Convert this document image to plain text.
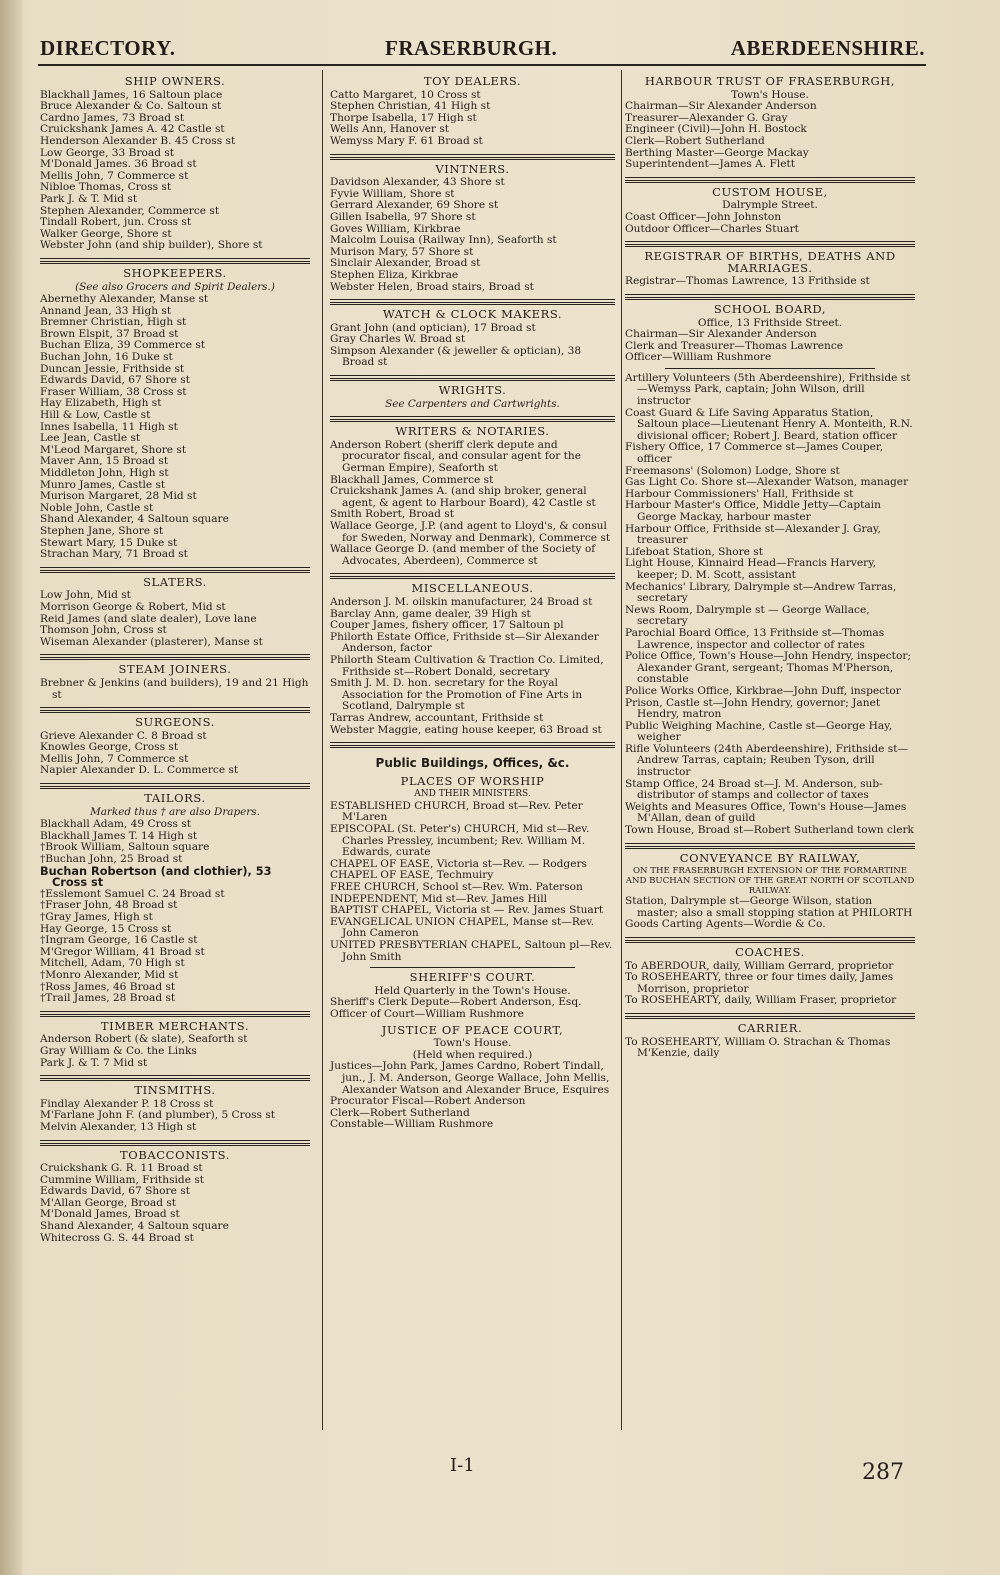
DIRECTORY.	FRASERBURGH.	ABERDEENSHIRE.
SHIP OWNERS.
Blackhall James, 16 Saltoun place
Bruce Alexander & Co. Saltoun st
Cardno James, 73 Broad st
Cruickshank James A. 42 Castle st
Henderson Alexander B. 45 Cross st
Low George, 33 Broad st
M'Donald James. 36 Broad st
Mellis John, 7 Commerce st
Nibloe Thomas, Cross st
Park J. & T. Mid st
Stephen Alexander, Commerce st
Tindall Robert, jun. Cross st
Walker George, Shore st
Webster John (and ship builder), Shore st
SHOPKEEPERS.
(See also Grocers and Spirit Dealers.)
Abernethy Alexander, Manse st
Annand Jean, 33 High st
Bremner Christian, High st
Brown Elspit, 37 Broad st
Buchan Eliza, 39 Commerce st
Buchan John, 16 Duke st
Duncan Jessie, Frithside st
Edwards David, 67 Shore st
Fraser William, 38 Cross st
Hay Elizabeth, High st
Hill & Low, Castle st
Innes Isabella, 11 High st
Lee Jean, Castle st
M'Leod Margaret, Shore st
Maver Ann, 15 Broad st
Middleton John, High st
Munro James, Castle st
Murison Margaret, 28 Mid st
Noble John, Castle st
Shand Alexander, 4 Saltoun square
Stephen Jane, Shore st
Stewart Mary, 15 Duke st
Strachan Mary, 71 Broad st
SLATERS.
Low John, Mid st
Morrison George & Robert, Mid st
Reid James (and slate dealer), Love lane
Thomson John, Cross st
Wiseman Alexander (plasterer), Manse st
STEAM JOINERS.
Brebner & Jenkins (and builders), 19 and 21 High st
SURGEONS.
Grieve Alexander C. 8 Broad st
Knowles George, Cross st
Mellis John, 7 Commerce st
Napier Alexander D. L. Commerce st
TAILORS.
Marked thus † are also Drapers.
Blackhall Adam, 49 Cross st
Blackhall James T. 14 High st
†Brook William, Saltoun square
†Buchan John, 25 Broad st
Buchan Robertson (and clothier), 53 Cross st
†Esslemont Samuel C. 24 Broad st
†Fraser John, 48 Broad st
†Gray James, High st
Hay George, 15 Cross st
†Ingram George, 16 Castle st
M'Gregor William, 41 Broad st
Mitchell, Adam, 70 High st
†Monro Alexander, Mid st
†Ross James, 46 Broad st
†Trail James, 28 Broad st
TIMBER MERCHANTS.
Anderson Robert (& slate), Seaforth st
Gray William & Co. the Links
Park J. & T. 7 Mid st
TINSMITHS.
Findlay Alexander P. 18 Cross st
M'Farlane John F. (and plumber), 5 Cross st
Melvin Alexander, 13 High st
TOBACCONISTS.
Cruickshank G. R. 11 Broad st
Cummine William, Frithside st
Edwards David, 67 Shore st
M'Allan George, Broad st
M'Donald James, Broad st
Shand Alexander, 4 Saltoun square
Whitecross G. S. 44 Broad st
TOY DEALERS.
Catto Margaret, 10 Cross st
Stephen Christian, 41 High st
Thorpe Isabella, 17 High st
Wells Ann, Hanover st
Wemyss Mary F. 61 Broad st
VINTNERS.
Davidson Alexander, 43 Shore st
Fyvie William, Shore st
Gerrard Alexander, 69 Shore st
Gillen Isabella, 97 Shore st
Goves William, Kirkbrae
Malcolm Louisa (Railway Inn), Seaforth st
Murison Mary, 57 Shore st
Sinclair Alexander, Broad st
Stephen Eliza, Kirkbrae
Webster Helen, Broad stairs, Broad st
WATCH & CLOCK MAKERS.
Grant John (and optician), 17 Broad st
Gray Charles W. Broad st
Simpson Alexander (& jeweller & optician), 38 Broad st
WRIGHTS.
See Carpenters and Cartwrights.
WRITERS & NOTARIES.
Anderson Robert (sheriff clerk depute and procurator fiscal, and consular agent for the German Empire), Seaforth st
Blackhall James, Commerce st
Cruickshank James A. (and ship broker, general agent, & agent to Harbour Board), 42 Castle st
Smith Robert, Broad st
Wallace George, J.P. (and agent to Lloyd's, & consul for Sweden, Norway and Denmark), Commerce st
Wallace George D. (and member of the Society of Advocates, Aberdeen), Commerce st
MISCELLANEOUS.
Anderson J. M. oilskin manufacturer, 24 Broad st
Barclay Ann, game dealer, 39 High st
Couper James, fishery officer, 17 Saltoun pl
Philorth Estate Office, Frithside st—Sir Alexander Anderson, factor
Philorth Steam Cultivation & Traction Co. Limited, Frithside st—Robert Donald, secretary
Smith J. M. D. hon. secretary for the Royal Association for the Promotion of Fine Arts in Scotland, Dalrymple st
Tarras Andrew, accountant, Frithside st
Webster Maggie, eating house keeper, 63 Broad st
Public Buildings, Offices, &c.
PLACES OF WORSHIP
AND THEIR MINISTERS.
ESTABLISHED CHURCH, Broad st—Rev. Peter M'Laren
EPISCOPAL (St. Peter's) CHURCH, Mid st—Rev. Charles Pressley, incumbent; Rev. William M. Edwards, curate
CHAPEL OF EASE, Victoria st—Rev. — Rodgers
CHAPEL OF EASE, Techmuiry
FREE CHURCH, School st—Rev. Wm. Paterson
INDEPENDENT, Mid st—Rev. James Hill
BAPTIST CHAPEL, Victoria st — Rev. James Stuart
EVANGELICAL UNION CHAPEL, Manse st—Rev. John Cameron
UNITED PRESBYTERIAN CHAPEL, Saltoun pl—Rev. John Smith
SHERIFF'S COURT.
Held Quarterly in the Town's House.
Sheriff's Clerk Depute—Robert Anderson, Esq.
Officer of Court—William Rushmore
JUSTICE OF PEACE COURT,
Town's House.
(Held when required.)
Justices—John Park, James Cardno, Robert Tindall, jun., J. M. Anderson, George Wallace, John Mellis, Alexander Watson and Alexander Bruce, Esquires
Procurator Fiscal—Robert Anderson
Clerk—Robert Sutherland
Constable—William Rushmore
HARBOUR TRUST OF FRASERBURGH,
Town's House.
Chairman—Sir Alexander Anderson
Treasurer—Alexander G. Gray
Engineer (Civil)—John H. Bostock
Clerk—Robert Sutherland
Berthing Master—George Mackay
Superintendent—James A. Flett
CUSTOM HOUSE,
Dalrymple Street.
Coast Officer—John Johnston
Outdoor Officer—Charles Stuart
REGISTRAR OF BIRTHS, DEATHS AND MARRIAGES.
Registrar—Thomas Lawrence, 13 Frithside st
SCHOOL BOARD,
Office, 13 Frithside Street.
Chairman—Sir Alexander Anderson
Clerk and Treasurer—Thomas Lawrence
Officer—William Rushmore
Artillery Volunteers (5th Aberdeenshire), Frithside st—Wemyss Park, captain; John Wilson, drill instructor
Coast Guard & Life Saving Apparatus Station, Saltoun place—Lieutenant Henry A. Monteith, R.N. divisional officer; Robert J. Beard, station officer
Fishery Office, 17 Commerce st—James Couper, officer
Freemasons' (Solomon) Lodge, Shore st
Gas Light Co. Shore st—Alexander Watson, manager
Harbour Commissioners' Hall, Frithside st
Harbour Master's Office, Middle Jetty—Captain George Mackay, harbour master
Harbour Office, Frithside st—Alexander J. Gray, treasurer
Lifeboat Station, Shore st
Light House, Kinnaird Head—Francis Harvery, keeper; D. M. Scott, assistant
Mechanics' Library, Dalrymple st—Andrew Tarras, secretary
News Room, Dalrymple st — George Wallace, secretary
Parochial Board Office, 13 Frithside st—Thomas Lawrence, inspector and collector of rates
Police Office, Town's House—John Hendry, inspector; Alexander Grant, sergeant; Thomas M'Pherson, constable
Police Works Office, Kirkbrae—John Duff, inspector
Prison, Castle st—John Hendry, governor; Janet Hendry, matron
Public Weighing Machine, Castle st—George Hay, weigher
Rifle Volunteers (24th Aberdeenshire), Frithside st—Andrew Tarras, captain; Reuben Tyson, drill instructor
Stamp Office, 24 Broad st—J. M. Anderson, sub-distributor of stamps and collector of taxes
Weights and Measures Office, Town's House—James M'Allan, dean of guild
Town House, Broad st—Robert Sutherland town clerk
CONVEYANCE BY RAILWAY,
ON THE FRASERBURGH EXTENSION OF THE FORMARTINE AND BUCHAN SECTION OF THE GREAT NORTH OF SCOTLAND RAILWAY.
Station, Dalrymple st—George Wilson, station master; also a small stopping station at PHILORTH
Goods Carting Agents—Wordie & Co.
COACHES.
To ABERDOUR, daily, William Gerrard, proprietor
To ROSEHEARTY, three or four times daily, James Morrison, proprietor
To ROSEHEARTY, daily, William Fraser, proprietor
CARRIER.
To ROSEHEARTY, William O. Strachan & Thomas M'Kenzie, daily
I-1	287
